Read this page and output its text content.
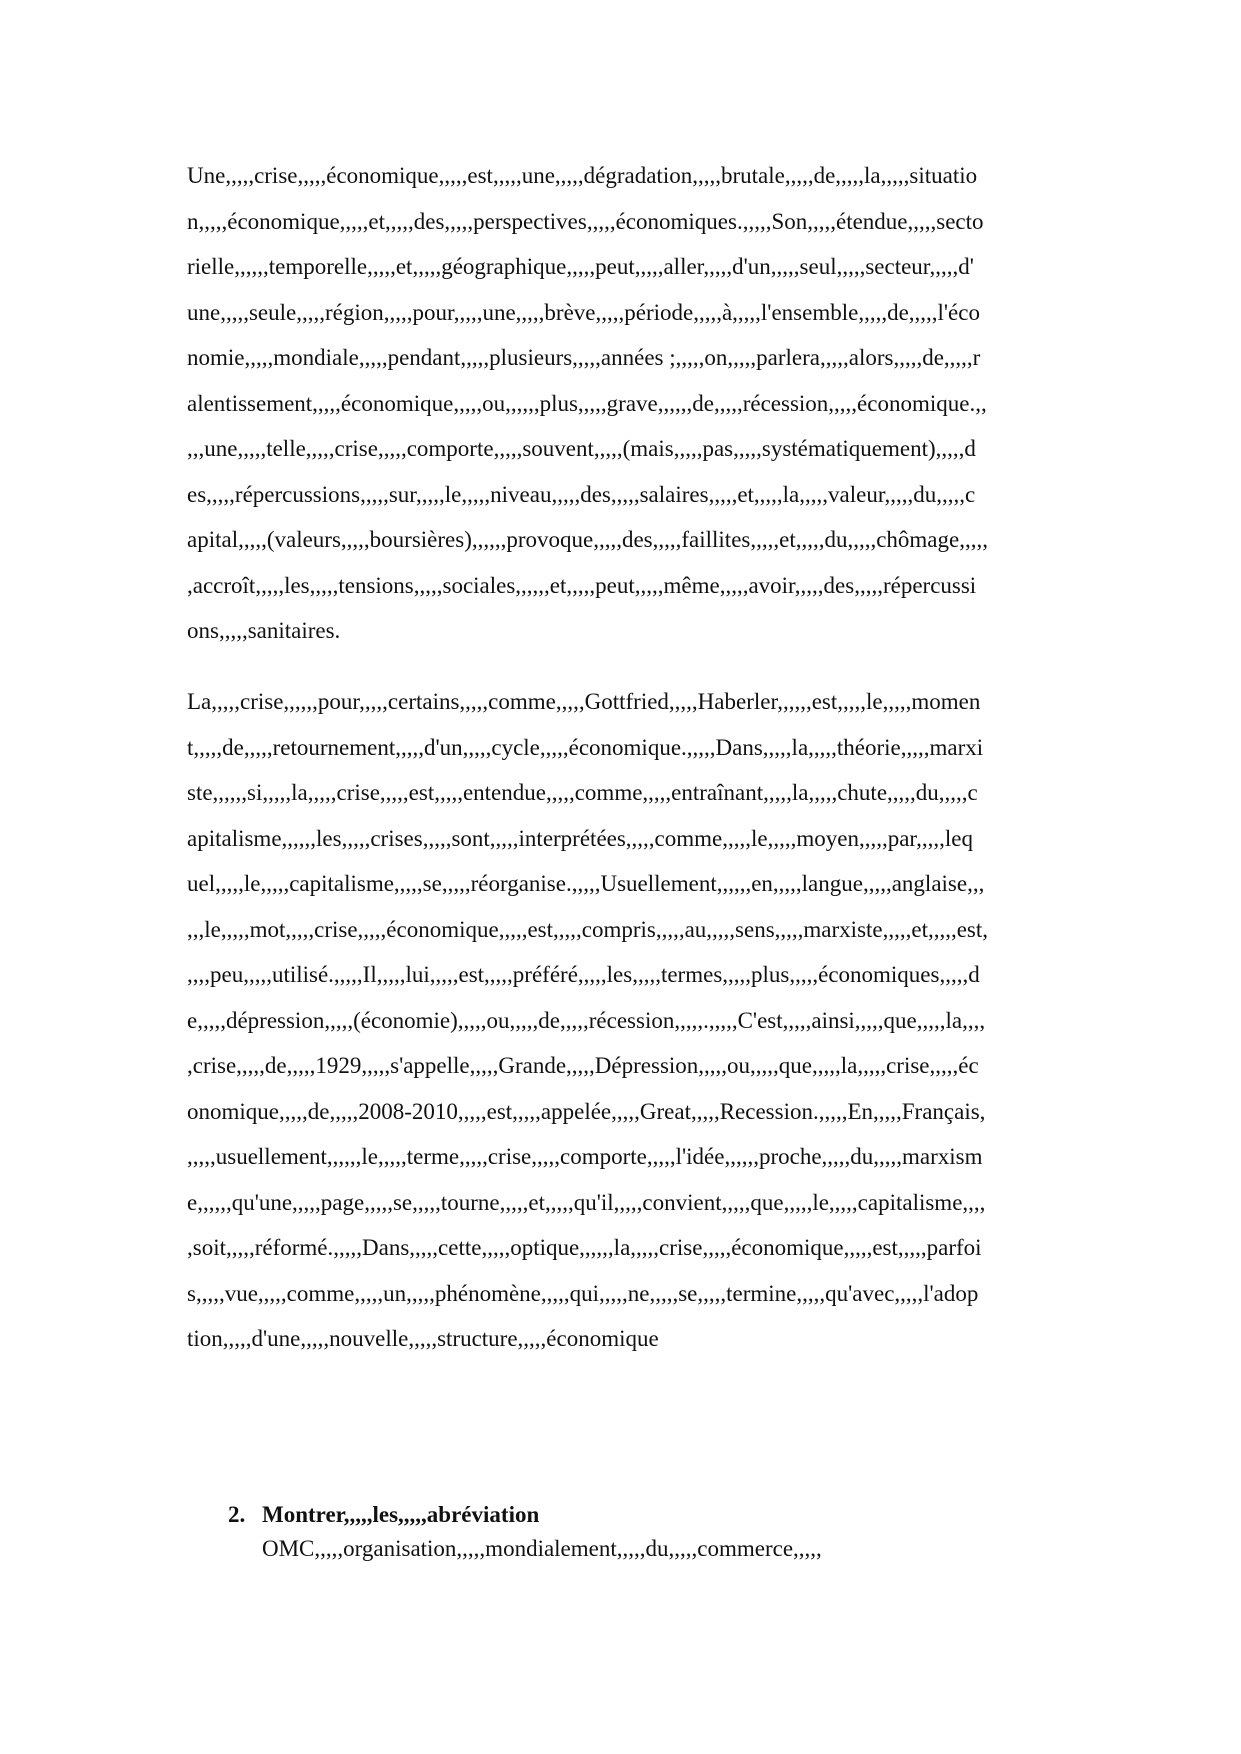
Une,,,,,crise,,,,,économique,,,,,est,,,,,une,,,,,dégradation,,,,,brutale,,,,,de,,,,,la,,,,,situatio
n,,,,,économique,,,,,et,,,,,des,,,,,perspectives,,,,,économiques.,,,,,Son,,,,,étendue,,,,,secto
rielle,,,,,,temporelle,,,,,et,,,,,géographique,,,,,peut,,,,,aller,,,,,d'un,,,,,seul,,,,,secteur,,,,,d'
une,,,,,seule,,,,,région,,,,,pour,,,,,une,,,,,brève,,,,,période,,,,,à,,,,,l'ensemble,,,,,de,,,,,l'éco
nomie,,,,,mondiale,,,,,pendant,,,,,plusieurs,,,,,années ;,,,,,on,,,,,parlera,,,,,alors,,,,,de,,,,,r
alentissement,,,,,économique,,,,,ou,,,,,,plus,,,,,grave,,,,,,de,,,,,récession,,,,,économique.,,
,,,une,,,,,telle,,,,,crise,,,,,comporte,,,,,souvent,,,,,(mais,,,,,pas,,,,,systématiquement),,,,,d
es,,,,,répercussions,,,,,sur,,,,,le,,,,,niveau,,,,,des,,,,,salaires,,,,,et,,,,,la,,,,,valeur,,,,,du,,,,,c
apital,,,,,(valeurs,,,,,boursières),,,,,,provoque,,,,,des,,,,,faillites,,,,,et,,,,,du,,,,,chômage,,,,,
,accroît,,,,,les,,,,,tensions,,,,,sociales,,,,,,et,,,,,peut,,,,,même,,,,,avoir,,,,,des,,,,,répercussi
ons,,,,,sanitaires.
La,,,,,crise,,,,,,pour,,,,,certains,,,,,comme,,,,,Gottfried,,,,,Haberler,,,,,,est,,,,,le,,,,,momen
t,,,,,de,,,,,retournement,,,,,d'un,,,,,cycle,,,,,économique.,,,,,Dans,,,,,la,,,,,théorie,,,,,marxi
ste,,,,,,si,,,,,la,,,,,crise,,,,,est,,,,,entendue,,,,,comme,,,,,entraînant,,,,,la,,,,,chute,,,,,du,,,,,c
apitalisme,,,,,,les,,,,,crises,,,,,sont,,,,,interprétées,,,,,comme,,,,,le,,,,,moyen,,,,,par,,,,,leq
uel,,,,,le,,,,,capitalisme,,,,,se,,,,,réorganise.,,,,,Usuellement,,,,,,en,,,,,langue,,,,,anglaise,,,
,,,le,,,,,mot,,,,,crise,,,,,économique,,,,,est,,,,,compris,,,,,au,,,,,sens,,,,,marxiste,,,,,et,,,,,est,
,,,,peu,,,,,utilisé.,,,,,Il,,,,,lui,,,,,est,,,,,préféré,,,,,les,,,,,termes,,,,,plus,,,,,économiques,,,,,d
e,,,,,dépression,,,,,(économie),,,,,ou,,,,,de,,,,,récession,,,,,.,,,,,C'est,,,,,ainsi,,,,,que,,,,,la,,,,
,crise,,,,,de,,,,,1929,,,,,s'appelle,,,,,Grande,,,,,Dépression,,,,,ou,,,,,que,,,,,la,,,,,crise,,,,,éc
onomique,,,,,de,,,,,2008-2010,,,,,est,,,,,appelée,,,,,Great,,,,,Recession.,,,,,En,,,,,Français,
,,,,,usuellement,,,,,,le,,,,,terme,,,,,crise,,,,,comporte,,,,,l'idée,,,,,,proche,,,,,du,,,,,marxism
e,,,,,,qu'une,,,,,page,,,,,se,,,,,tourne,,,,,et,,,,,qu'il,,,,,convient,,,,,que,,,,,le,,,,,capitalisme,,,,
,soit,,,,,réformé.,,,,,Dans,,,,,cette,,,,,optique,,,,,,la,,,,,crise,,,,,économique,,,,,est,,,,,parfoi
s,,,,,vue,,,,,comme,,,,,un,,,,,phénomène,,,,,qui,,,,,ne,,,,,se,,,,,termine,,,,,qu'avec,,,,,l'adop
tion,,,,,d'une,,,,,nouvelle,,,,,structure,,,,,économique
2. Montrer,,,,,les,,,,,abréviation
OMC,,,,,organisation,,,,,mondialement,,,,,du,,,,,commerce,,,,,
